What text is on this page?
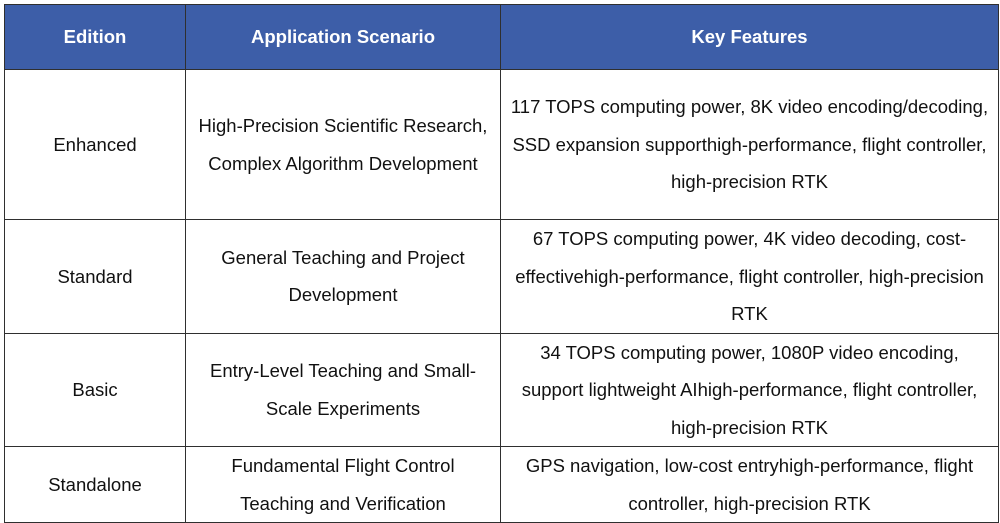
Edition	Application Scenario	Key Features
Enhanced	High-Precision Scientific Research, Complex Algorithm Development	117 TOPS computing power, 8K video encoding/decoding, SSD expansion supporthigh-performance, flight controller, high-precision RTK
Standard	General Teaching and Project Development	67 TOPS computing power, 4K video decoding, cost-effectivehigh-performance, flight controller, high-precision RTK
Basic	Entry-Level Teaching and Small-Scale Experiments	34 TOPS computing power, 1080P video encoding, support lightweight AIhigh-performance, flight controller, high-precision RTK
Standalone	Fundamental Flight Control Teaching and Verification	GPS navigation, low-cost entryhigh-performance, flight controller, high-precision RTK
